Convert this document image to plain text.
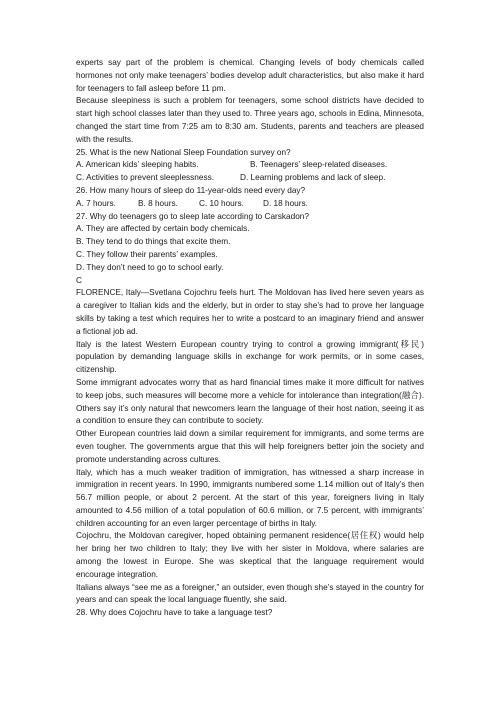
experts say part of the problem is chemical. Changing levels of body chemicals called hormones not only make teenagers’ bodies develop adult characteristics, but also make it hard for teenagers to fall asleep before 11 pm.

Because sleepiness is such a problem for teenagers, some school districts have decided to start high school classes later than they used to. Three years ago, schools in Edina, Minnesota, changed the start time from 7:25 am to 8:30 am. Students, parents and teachers are pleased with the results.

25. What is the new National Sleep Foundation survey on?

A. American kids’ sleeping habits.	B. Teenagers’ sleep-related diseases.
C. Activities to prevent sleeplessness.	D. Learning problems and lack of sleep.

26. How many hours of sleep do 11-year-olds need every day?

A. 7 hours.	B. 8 hours.	C. 10 hours.	D. 18 hours.

27. Why do teenagers go to sleep late according to Carskadon?

A. They are affected by certain body chemicals.

B. They tend to do things that excite them.

C. They follow their parents’ examples.

D. They don’t need to go to school early.

C

FLORENCE, Italy—Svetlana Cojochru feels hurt. The Moldovan has lived here seven years as a caregiver to Italian kids and the elderly, but in order to stay she’s had to prove her language skills by taking a test which requires her to write a postcard to an imaginary friend and answer a fictional job ad.

Italy is the latest Western European country trying to control a growing immigrant(移民) population by demanding language skills in exchange for work permits, or in some cases, citizenship.

Some immigrant advocates worry that as hard financial times make it more difficult for natives to keep jobs, such measures will become more a vehicle for intolerance than integration(融合). Others say it’s only natural that newcomers learn the language of their host nation, seeing it as a condition to ensure they can contribute to society.

Other European countries laid down a similar requirement for immigrants, and some terms are even tougher. The governments argue that this will help foreigners better join the society and promote understanding across cultures.

Italy, which has a much weaker tradition of immigration, has witnessed a sharp increase in immigration in recent years. In 1990, immigrants numbered some 1.14 million out of Italy’s then 56.7 million people, or about 2 percent. At the start of this year, foreigners living in Italy amounted to 4.56 million of a total population of 60.6 million, or 7.5 percent, with immigrants’ children accounting for an even larger percentage of births in Italy.

Cojochru, the Moldovan caregiver, hoped obtaining permanent residence(居住权) would help her bring her two children to Italy; they live with her sister in Moldova, where salaries are among the lowest in Europe. She was skeptical that the language requirement would encourage integration.

Italians always “see me as a foreigner,” an outsider, even though she’s stayed in the country for years and can speak the local language fluently, she said.

28. Why does Cojochru have to take a language test?
